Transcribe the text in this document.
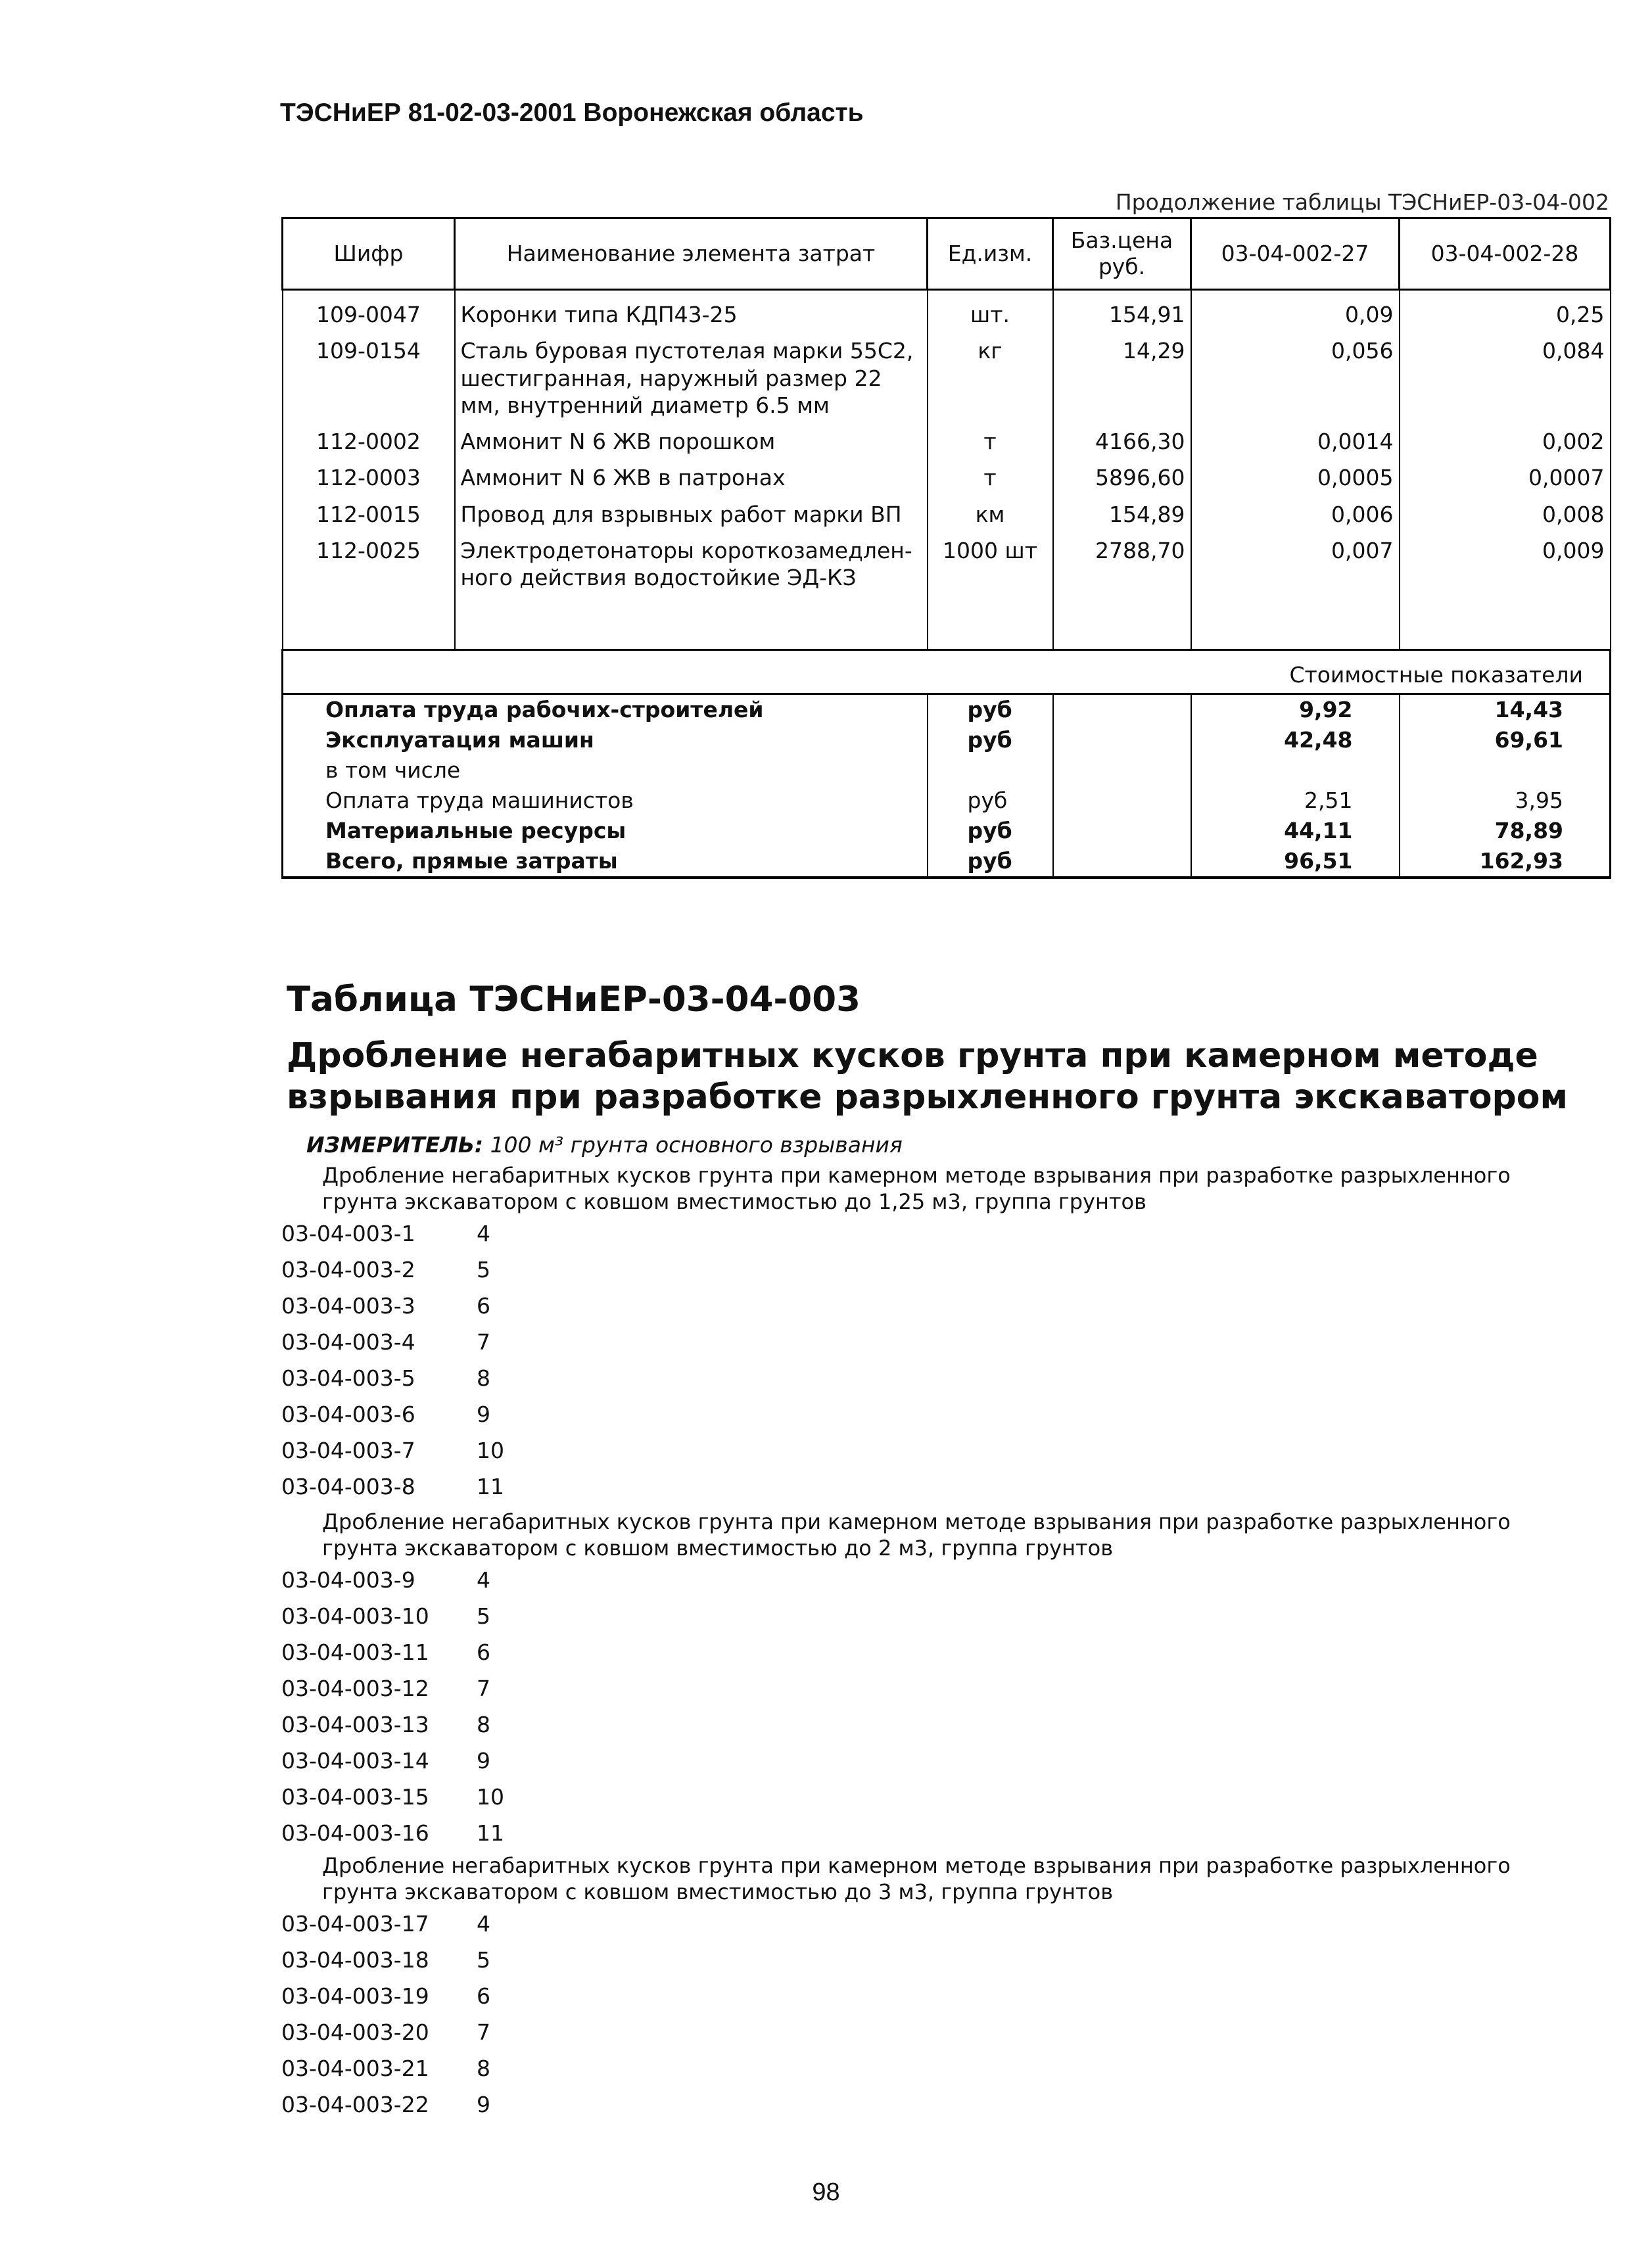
ТЭСНиЕР 81-02-03-2001 Воронежская область
Продолжение таблицы ТЭСНиЕР-03-04-002
Шифр	Наименование элемента затрат	Ед.изм.	Баз.цена руб.	03-04-002-27	03-04-002-28
109-0047	Коронки типа КДП43-25	шт.	154,91	0,09	0,25
109-0154	Сталь буровая пустотелая марки 55С2, шестигранная, наружный размер 22 мм, внутренний диаметр 6.5 мм	кг	14,29	0,056	0,084
112-0002	Аммонит N 6 ЖВ порошком	т	4166,30	0,0014	0,002
112-0003	Аммонит N 6 ЖВ в патронах	т	5896,60	0,0005	0,0007
112-0015	Провод для взрывных работ марки ВП	км	154,89	0,006	0,008
112-0025	Электродетонаторы короткозамедлен-ного действия водостойкие ЭД-КЗ	1000 шт	2788,70	0,007	0,009

Стоимостные показатели					
Оплата труда рабочих-строителей		руб		9,92	14,43
Эксплуатация машин		руб		42,48	69,61
в том числе					
Оплата труда машинистов		руб		2,51	3,95
Материальные ресурсы		руб		44,11	78,89
Всего, прямые затраты		руб		96,51	162,93
Таблица ТЭСНиЕР-03-04-003
Дробление негабаритных кусков грунта при камерном методе взрывания при разработке разрыхленного грунта экскаватором
ИЗМЕРИТЕЛЬ: 100 м³ грунта основного взрывания
Дробление негабаритных кусков грунта при камерном методе взрывания при разработке разрыхленного грунта экскаватором с ковшом вместимостью до 1,25 м3, группа грунтов
03-04-003-1	4
03-04-003-2	5
03-04-003-3	6
03-04-003-4	7
03-04-003-5	8
03-04-003-6	9
03-04-003-7	10
03-04-003-8	11
Дробление негабаритных кусков грунта при камерном методе взрывания при разработке разрыхленного грунта экскаватором с ковшом вместимостью до 2 м3, группа грунтов
03-04-003-9	4
03-04-003-10	5
03-04-003-11	6
03-04-003-12	7
03-04-003-13	8
03-04-003-14	9
03-04-003-15	10
03-04-003-16	11
Дробление негабаритных кусков грунта при камерном методе взрывания при разработке разрыхленного грунта экскаватором с ковшом вместимостью до 3 м3, группа грунтов
03-04-003-17	4
03-04-003-18	5
03-04-003-19	6
03-04-003-20	7
03-04-003-21	8
03-04-003-22	9
98
